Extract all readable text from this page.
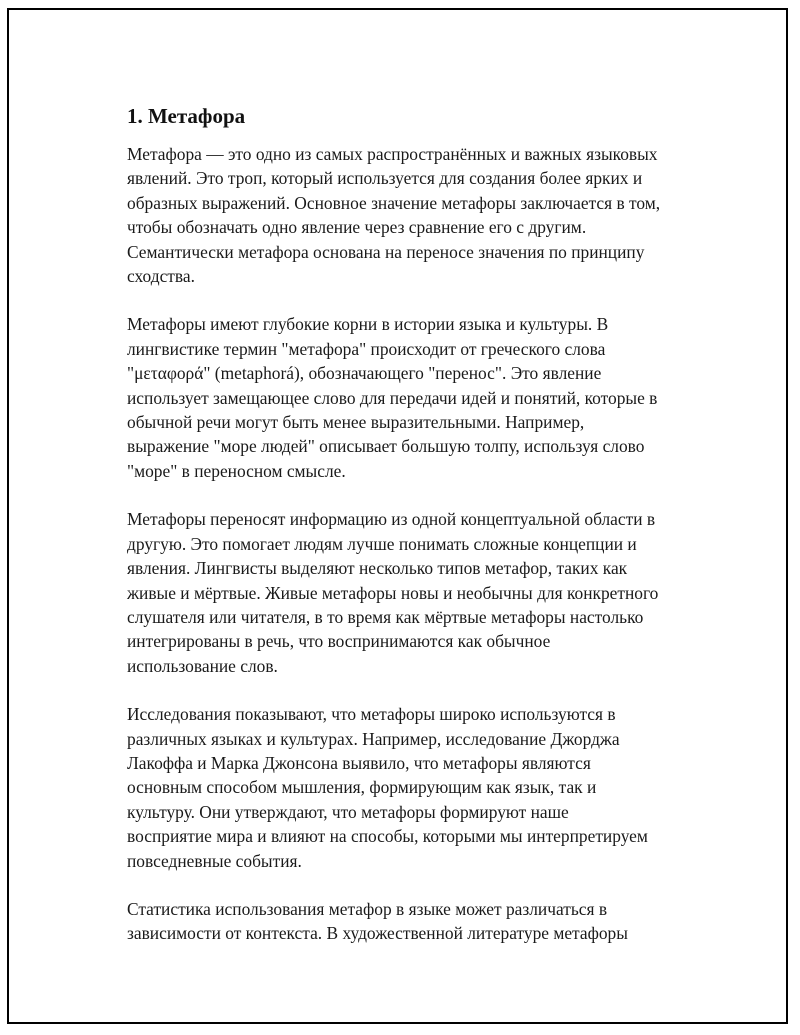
1. Метафора

Метафора — это одно из самых распространённых и важных языковых
явлений. Это троп, который используется для создания более ярких и
образных выражений. Основное значение метафоры заключается в том,
чтобы обозначать одно явление через сравнение его с другим.
Семантически метафора основана на переносе значения по принципу
сходства.

Метафоры имеют глубокие корни в истории языка и культуры. В
лингвистике термин "метафора" происходит от греческого слова
"μεταφορά" (metaphorá), обозначающего "перенос". Это явление
использует замещающее слово для передачи идей и понятий, которые в
обычной речи могут быть менее выразительными. Например,
выражение "море людей" описывает большую толпу, используя слово
"море" в переносном смысле.

Метафоры переносят информацию из одной концептуальной области в
другую. Это помогает людям лучше понимать сложные концепции и
явления. Лингвисты выделяют несколько типов метафор, таких как
живые и мёртвые. Живые метафоры новы и необычны для конкретного
слушателя или читателя, в то время как мёртвые метафоры настолько
интегрированы в речь, что воспринимаются как обычное
использование слов.

Исследования показывают, что метафоры широко используются в
различных языках и культурах. Например, исследование Джорджа
Лакоффа и Марка Джонсона выявило, что метафоры являются
основным способом мышления, формирующим как язык, так и
культуру. Они утверждают, что метафоры формируют наше
восприятие мира и влияют на способы, которыми мы интерпретируем
повседневные события.

Статистика использования метафор в языке может различаться в
зависимости от контекста. В художественной литературе метафоры
